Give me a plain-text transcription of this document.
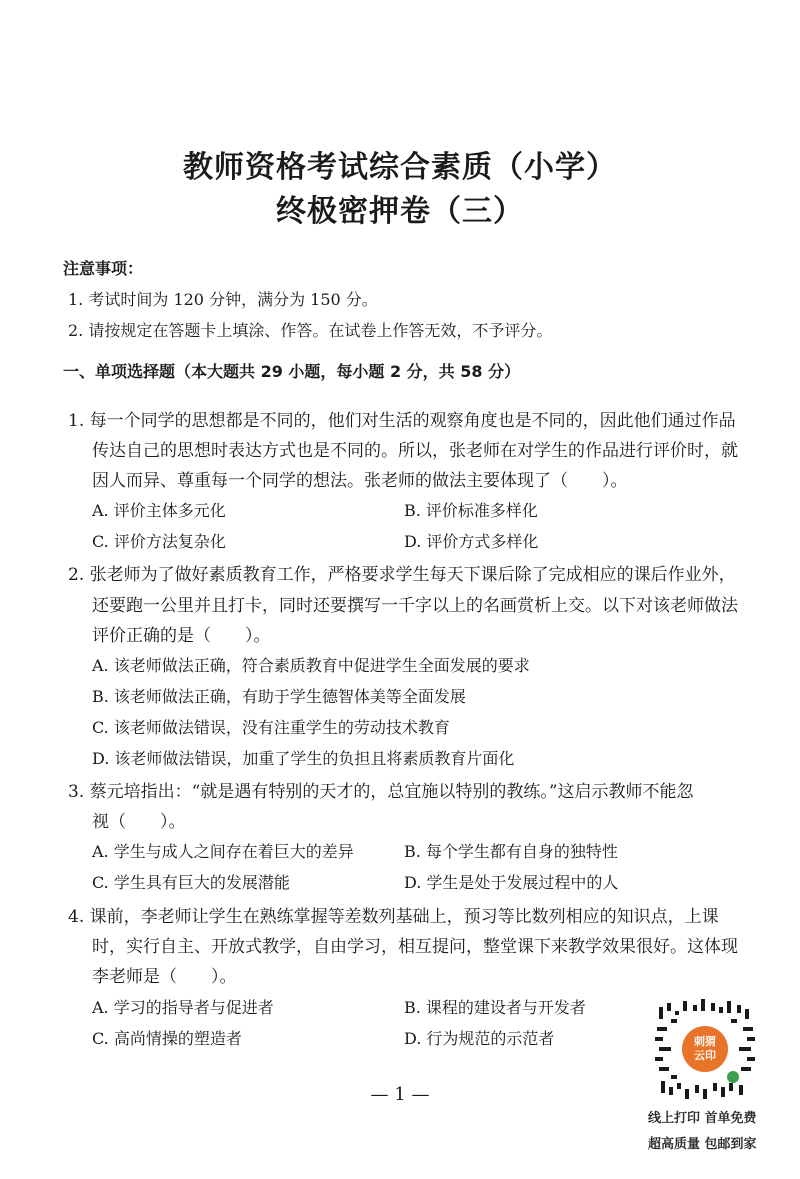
教师资格考试综合素质（小学）
终极密押卷（三）
注意事项：
1. 考试时间为 120 分钟，满分为 150 分。
2. 请按规定在答题卡上填涂、作答。在试卷上作答无效，不予评分。
一、单项选择题（本大题共 29 小题，每小题 2 分，共 58 分）
1. 每一个同学的思想都是不同的，他们对生活的观察角度也是不同的，因此他们通过作品
传达自己的思想时表达方式也是不同的。所以，张老师在对学生的作品进行评价时，就
因人而异、尊重每一个同学的想法。张老师的做法主要体现了（　　）。
A. 评价主体多元化	B. 评价标准多样化
C. 评价方法复杂化	D. 评价方式多样化
2. 张老师为了做好素质教育工作，严格要求学生每天下课后除了完成相应的课后作业外，
还要跑一公里并且打卡，同时还要撰写一千字以上的名画赏析上交。以下对该老师做法
评价正确的是（　　）。
A. 该老师做法正确，符合素质教育中促进学生全面发展的要求
B. 该老师做法正确，有助于学生德智体美等全面发展
C. 该老师做法错误，没有注重学生的劳动技术教育
D. 该老师做法错误，加重了学生的负担且将素质教育片面化
3. 蔡元培指出：“就是遇有特别的天才的，总宜施以特别的教练。”这启示教师不能忽
视（　　）。
A. 学生与成人之间存在着巨大的差异	B. 每个学生都有自身的独特性
C. 学生具有巨大的发展潜能	D. 学生是处于发展过程中的人
4. 课前，李老师让学生在熟练掌握等差数列基础上，预习等比数列相应的知识点，上课
时，实行自主、开放式教学，自由学习，相互提问，整堂课下来教学效果很好。这体现
李老师是（　　）。
A. 学习的指导者与促进者	B. 课程的建设者与开发者
C. 高尚情操的塑造者	D. 行为规范的示范者
— 1 —
刺猬
云印
线上打印 首单免费
超高质量 包邮到家
